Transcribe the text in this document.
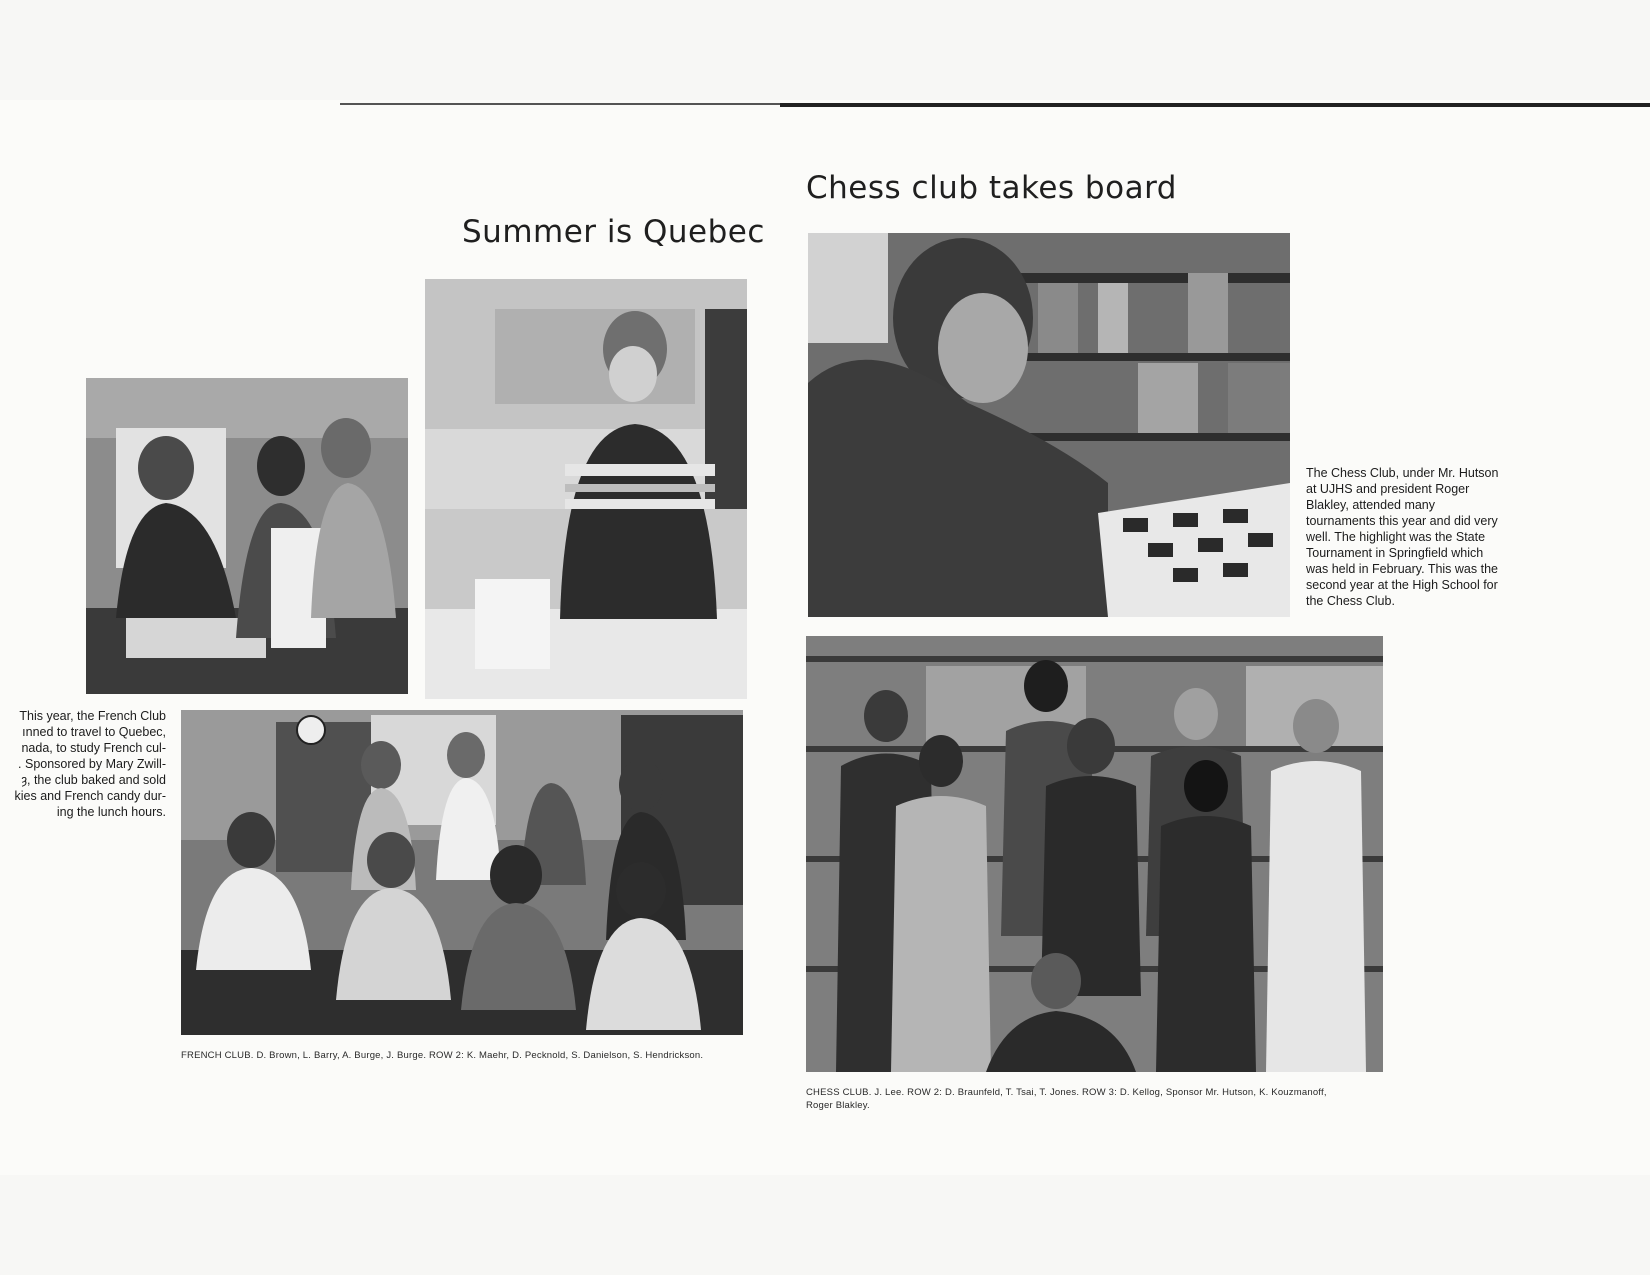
Summer is Quebec

This year, the French Club
ınned to travel to Quebec,
nada, to study French cul-
. Sponsored by Mary Zwill-
ȝ, the club baked and sold
kies and French candy dur-
ing the lunch hours.

FRENCH CLUB. D. Brown, L. Barry, A. Burge, J. Burge. ROW 2: K. Maehr, D. Pecknold, S. Danielson, S. Hendrickson.

Chess club takes board

The Chess Club, under Mr. Hutson at UJHS and president Roger Blakley, attended many tournaments this year and did very well. The highlight was the State Tournament in Springfield which was held in February. This was the second year at the High School for the Chess Club.

CHESS CLUB. J. Lee. ROW 2: D. Braunfeld, T. Tsai, T. Jones. ROW 3: D. Kellog, Sponsor Mr. Hutson, K. Kouzmanoff, Roger Blakley.
